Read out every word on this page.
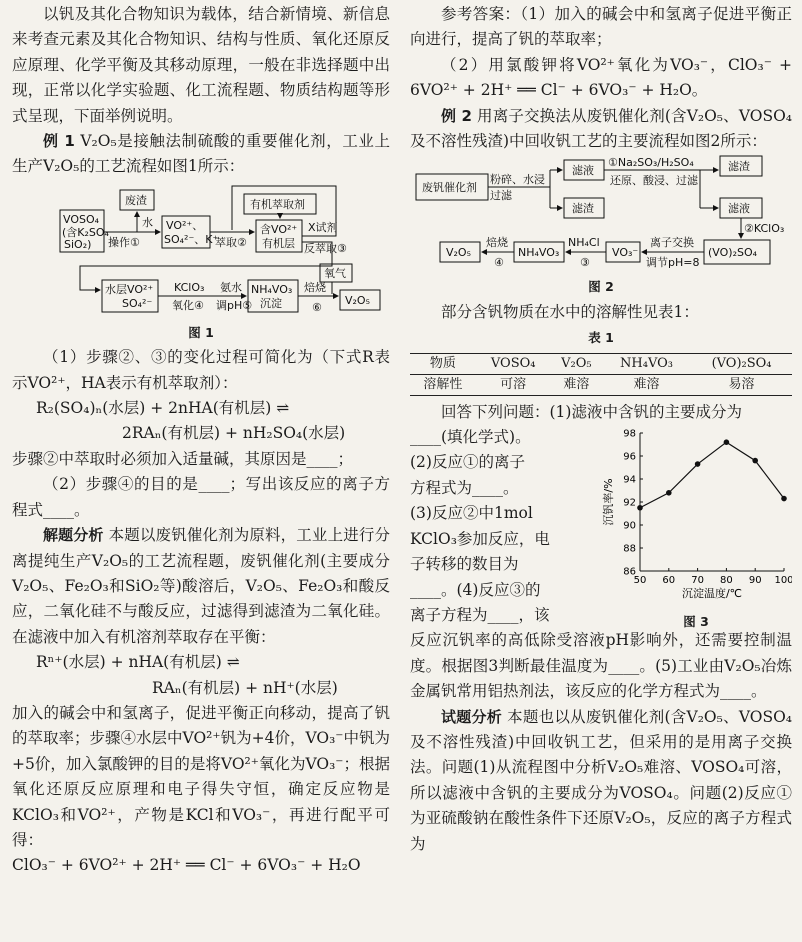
以钒及其化合物知识为载体，结合新情境、新信息来考查元素及其化合物知识、结构与性质、氧化还原反应原理、化学平衡及其移动原理，一般在非选择题中出现，正常以化学实验题、化工流程题、物质结构题等形式呈现，下面举例说明。

例 1 V₂O₅是接触法制硫酸的重要催化剂，工业上生产V₂O₅的工艺流程如图1所示：

废渣
VOSO₄
(含K₂SO₄
SiO₂)
VO²⁺、
SO₄²⁻、K⁺
有机萃取剂
含VO²⁺
有机层
水层VO²⁺
SO₄²⁻
NH₄VO₃
沉淀	V₂O₅
氧气
水
操作①	萃取②
X试剂
反萃取③
KClO₃
氧化④
氨水
调pH⑤
焙烧
⑥

图 1

（1）步骤②、③的变化过程可简化为（下式R表示VO²⁺，HA表示有机萃取剂）：

R₂(SO₄)ₙ(水层) + 2nHA(有机层) ⇌

2RAₙ(有机层) + nH₂SO₄(水层)

步骤②中萃取时必须加入适量碱，其原因是____；

（2）步骤④的目的是____；写出该反应的离子方程式____。

解题分析 本题以废钒催化剂为原料，工业上进行分离提纯生产V₂O₅的工艺流程题，废钒催化剂(主要成分V₂O₅、Fe₂O₃和SiO₂等)酸溶后，V₂O₅、Fe₂O₃和酸反应，二氧化硅不与酸反应，过滤得到滤渣为二氧化硅。在滤液中加入有机溶剂萃取存在平衡：

Rⁿ⁺(水层) + nHA(有机层) ⇌

RAₙ(有机层) + nH⁺(水层)

加入的碱会中和氢离子，促进平衡正向移动，提高了钒的萃取率；步骤④水层中VO²⁺钒为+4价，VO₃⁻中钒为+5价，加入氯酸钾的目的是将VO²⁺氧化为VO₃⁻；根据氧化还原反应原理和电子得失守恒，确定反应物是KClO₃和VO²⁺，产物是KCl和VO₃⁻，再进行配平可得：

ClO₃⁻ + 6VO²⁺ + 2H⁺ ══ Cl⁻ + 6VO₃⁻ + H₂O

参考答案：（1）加入的碱会中和氢离子促进平衡正向进行，提高了钒的萃取率；

（2）用氯酸钾将VO²⁺氧化为VO₃⁻，ClO₃⁻ + 6VO²⁺ + 2H⁺ ══ Cl⁻ + 6VO₃⁻ + H₂O。

例 2 用离子交换法从废钒催化剂(含V₂O₅、VOSO₄及不溶性残渣)中回收钒工艺的主要流程如图2所示：

废钒催化剂
滤液
滤渣
滤渣
滤液
(VO)₂SO₄
VO₃⁻
NH₄VO₃
V₂O₅
粉碎、水浸
过滤
①Na₂SO₃/H₂SO₄
还原、酸浸、过滤
②KClO₃
离子交换
调节pH=8
NH₄Cl
③
焙烧
④

图 2

部分含钒物质在水中的溶解性见表1：

表 1

物质	VOSO₄	V₂O₅	NH₄VO₃	(VO)₂SO₄
溶解性	可溶	难溶	难溶	易溶

回答下列问题：(1)滤液中含钒的主要成分为

____(填化学式)。

(2)反应①的离子

方程式为____。

(3)反应②中1mol

KClO₃参加反应，电

子转移的数目为

____。(4)反应③的

离子方程为____，该

86
88
90
92
94
96
98
50 60 70 80 90 100
沉淀温度/℃
沉钒率/%

图 3

反应沉钒率的高低除受溶液pH影响外，还需要控制温度。根据图3判断最佳温度为____。(5)工业由V₂O₅冶炼金属钒常用铝热剂法，该反应的化学方程式为____。

试题分析 本题也以从废钒催化剂(含V₂O₅、VOSO₄及不溶性残渣)中回收钒工艺，但采用的是用离子交换法。问题(1)从流程图中分析V₂O₅难溶、VOSO₄可溶，所以滤液中含钒的主要成分为VOSO₄。问题(2)反应①为亚硫酸钠在酸性条件下还原V₂O₅，反应的离子方程式为
